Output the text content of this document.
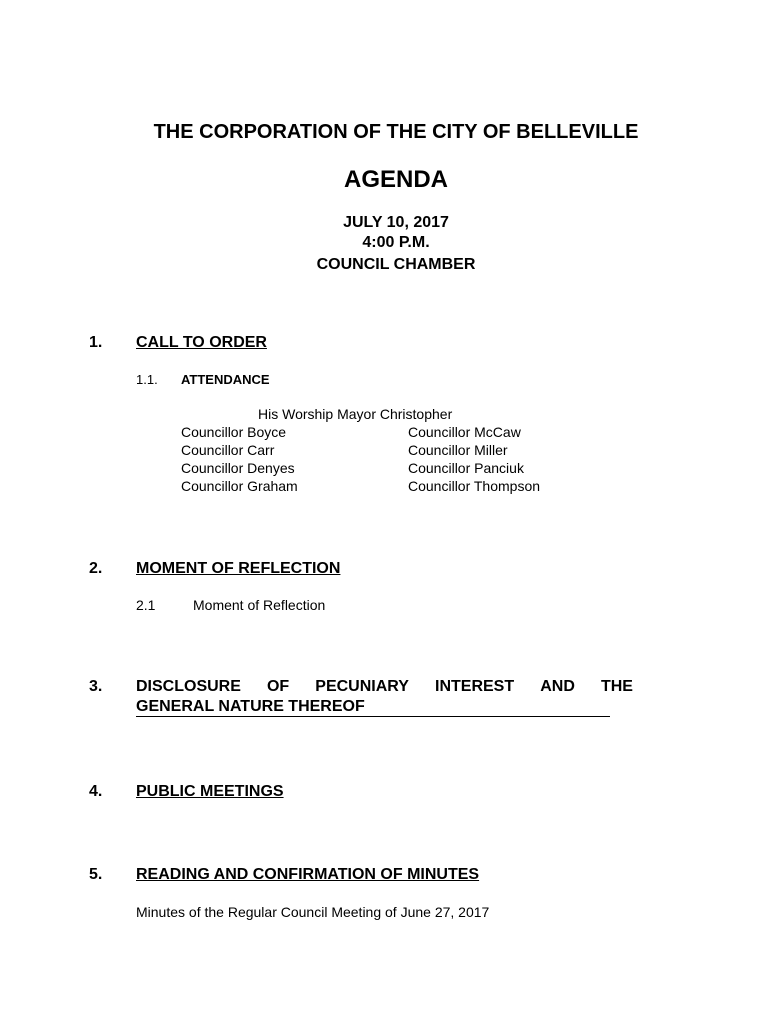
THE CORPORATION OF THE CITY OF BELLEVILLE
AGENDA
JULY 10, 2017
4:00 P.M.
COUNCIL CHAMBER
1. CALL TO ORDER
1.1. ATTENDANCE
His Worship Mayor Christopher
Councillor Boyce
Councillor Carr
Councillor Denyes
Councillor Graham
Councillor McCaw
Councillor Miller
Councillor Panciuk
Councillor Thompson
2. MOMENT OF REFLECTION
2.1	Moment of Reflection
3. DISCLOSURE OF PECUNIARY INTEREST AND THE
GENERAL NATURE THEREOF
4. PUBLIC MEETINGS
5. READING AND CONFIRMATION OF MINUTES
Minutes of the Regular Council Meeting of June 27, 2017
